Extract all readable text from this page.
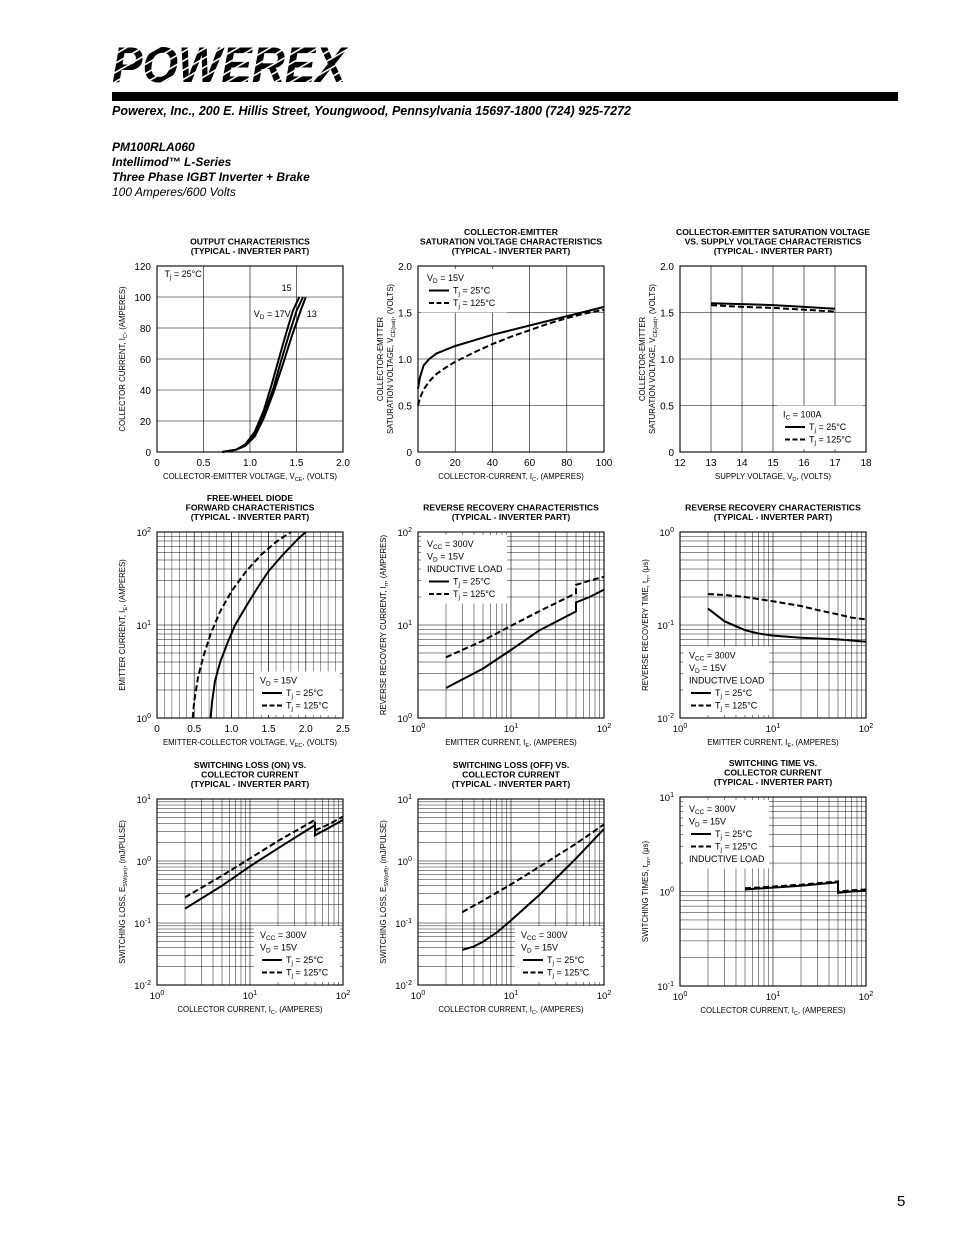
POWEREX
Powerex, Inc., 200 E. Hillis Street, Youngwood, Pennsylvania 15697-1800 (724) 925-7272
PM100RLA060
Intellimod™ L-Series
Three Phase IGBT Inverter + Brake
100 Amperes/600 Volts
OUTPUT CHARACTERISTICS
(TYPICAL - INVERTER PART)
0	0.5	1.0	1.5	2.0
0
20
40
60
80
100
120
COLLECTOR-EMITTER VOLTAGE, $V_{CE}$, (VOLTS)
COLLECTOR CURRENT, $I_C$, (AMPERES)
$T_j = 25^\circ C$
15
$V_D = 17V$ 13
COLLECTOR-EMITTER
SATURATION VOLTAGE CHARACTERISTICS
(TYPICAL - INVERTER PART)
0	20	40	60	80 100
0
0.5
1.0
1.5
2.0
COLLECTOR-CURRENT, $I_C$, (AMPERES)
COLLECTOR-EMITTER SATURATION VOLTAGE, $V_{CE(sat)}$, (VOLTS)
$V_D = 15V$
$T_j = 25^\circ C$
$T_j = 125^\circ C$
COLLECTOR-EMITTER SATURATION VOLTAGE
VS. SUPPLY VOLTAGE CHARACTERISTICS
(TYPICAL - INVERTER PART)
12 13 14 15 16 17 18
0
0.5
1.0
1.5
2.0
SUPPLY VOLTAGE, $V_D$, (VOLTS)
COLLECTOR-EMITTER SATURATION VOLTAGE, $V_{CE(sat)}$, (VOLTS)
$I_C = 100A$
$T_j = 25^\circ C$
$T_j = 125^\circ C$
FREE-WHEEL DIODE
FORWARD CHARACTERISTICS
(TYPICAL - INVERTER PART)
0	0.5 1.0 1.5 2.0 2.5
$10^0$
$10^1$
$10^2$
EMITTER-COLLECTOR VOLTAGE, $V_{EC}$, (VOLTS)
EMITTER CURRENT, $I_E$, (AMPERES)
$V_D = 15V$
$T_j = 25^\circ C$
$T_j = 125^\circ C$
REVERSE RECOVERY CHARACTERISTICS
(TYPICAL - INVERTER PART)
$10^0$	$10^1$	$10^2$
$10^0$
$10^1$
$10^2$
EMITTER CURRENT, $I_E$, (AMPERES)
REVERSE RECOVERY CURRENT, $I_{rr}$, (AMPERES)	$V_{CC} = 300V$
$V_D = 15V$
INDUCTIVE LOAD
$T_j = 25^\circ C$
$T_j = 125^\circ C$
REVERSE RECOVERY CHARACTERISTICS
(TYPICAL - INVERTER PART)
$10^0$	$10^1$	$10^2$
$10^{-2}$
$10^{-1}$
$10^0$
EMITTER CURRENT, $I_E$, (AMPERES)
REVERSE RECOVERY TIME, $t_{rr}$, (μs)
$V_{CC} = 300V$
$V_D = 15V$
INDUCTIVE LOAD
$T_j = 25^\circ C$
$T_j = 125^\circ C$
SWITCHING LOSS (ON) VS.
COLLECTOR CURRENT
(TYPICAL - INVERTER PART)
$10^0$	$10^1$	$10^2$
$10^{-2}$
$10^{-1}$
$10^0$
$10^1$
COLLECTOR CURRENT, $I_C$, (AMPERES)
SWITCHING LOSS, $E_{SW(on)}$, (mJ/PULSE)
$V_{CC} = 300V$
$V_D = 15V$
$T_j = 25^\circ C$
$T_j = 125^\circ C$
SWITCHING LOSS (OFF) VS.
COLLECTOR CURRENT
(TYPICAL - INVERTER PART)
$10^0$	$10^1$	$10^2$
$10^{-2}$
$10^{-1}$
$10^0$
$10^1$
COLLECTOR CURRENT, $I_C$, (AMPERES)
SWITCHING LOSS, $E_{SW(off)}$, (mJ/PULSE)
$V_{CC} = 300V$
$V_D = 15V$
$T_j = 25^\circ C$
$T_j = 125^\circ C$
SWITCHING TIME VS.
COLLECTOR CURRENT
(TYPICAL - INVERTER PART)
$10^0$	$10^1$	$10^2$
$10^{-1}$
$10^0$
$10^1$
COLLECTOR CURRENT, $I_C$, (AMPERES)
SWITCHING TIMES, $t_{on}$, (μs)
$V_{CC} = 300V$
$V_D = 15V$
$T_j = 25^\circ C$
$T_j = 125^\circ C$
INDUCTIVE LOAD
5
